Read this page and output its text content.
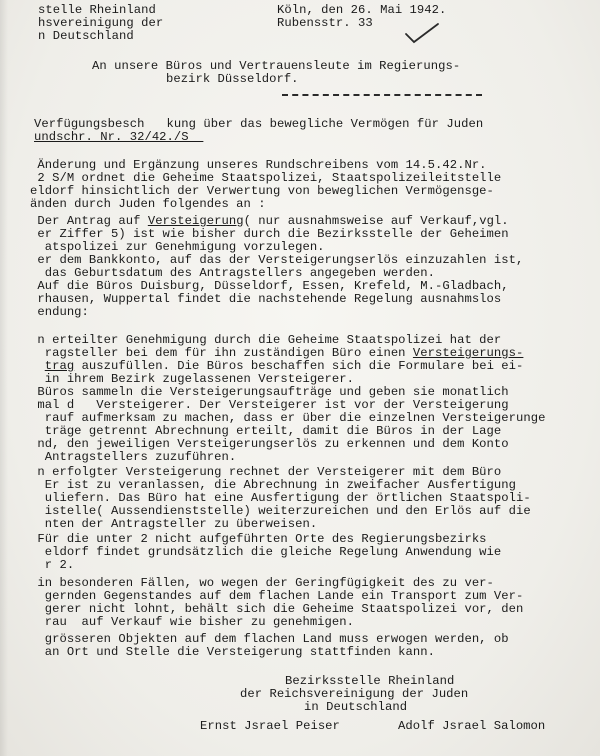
stelle Rheinland
hsvereinigung der
n Deutschland
Köln, den 26. Mai 1942.
Rubensstr. 33
An unsere Büros und Vertrauensleute im Regierungs-
bezirk Düsseldorf.
Verfügungsbesch   kung über das bewegliche Vermögen für Juden
undschr. Nr. 32/42./S
Änderung und Ergänzung unseres Rundschreibens vom 14.5.42.Nr.
2 S/M ordnet die Geheime Staatspolizei, Staatspolizeileitstelle
eldorf hinsichtlich der Verwertung von beweglichen Vermögensge-
änden durch Juden folgendes an :
Der Antrag auf Versteigerung( nur ausnahmsweise auf Verkauf,vgl.
er Ziffer 5) ist wie bisher durch die Bezirksstelle der Geheimen
atspolizei zur Genehmigung vorzulegen.
er dem Bankkonto, auf das der Versteigerungserlös einzuzahlen ist,
das Geburtsdatum des Antragstellers angegeben werden.
Auf die Büros Duisburg, Düsseldorf, Essen, Krefeld, M.-Gladbach,
rhausen, Wuppertal findet die nachstehende Regelung ausnahmslos
endung:
n erteilter Genehmigung durch die Geheime Staatspolizei hat der
ragsteller bei dem für ihn zuständigen Büro einen Versteigerungs-
trag auszufüllen. Die Büros beschaffen sich die Formulare bei ei-
in ihrem Bezirk zugelassenen Versteigerer.
Büros sammeln die Versteigerungsaufträge und geben sie monatlich
mal d   Versteigerer. Der Versteigerer ist vor der Versteigerung
rauf aufmerksam zu machen, dass er über die einzelnen Versteigerunge
träge getrennt Abrechnung erteilt, damit die Büros in der Lage
nd, den jeweiligen Versteigerungserlös zu erkennen und dem Konto
Antragstellers zuzuführen.
n erfolgter Versteigerung rechnet der Versteigerer mit dem Büro
Er ist zu veranlassen, die Abrechnung in zweifacher Ausfertigung
uliefern. Das Büro hat eine Ausfertigung der örtlichen Staatspoli-
istelle( Aussendienststelle) weiterzureichen und den Erlös auf die
nten der Antragsteller zu überweisen.
Für die unter 2 nicht aufgeführten Orte des Regierungsbezirks
eldorf findet grundsätzlich die gleiche Regelung Anwendung wie
r 2.
in besonderen Fällen, wo wegen der Geringfügigkeit des zu ver-
gernden Gegenstandes auf dem flachen Lande ein Transport zum Ver-
gerer nicht lohnt, behält sich die Geheime Staatspolizei vor, den
rau  auf Verkauf wie bisher zu genehmigen.
grösseren Objekten auf dem flachen Land muss erwogen werden, ob
an Ort und Stelle die Versteigerung stattfinden kann.
Bezirksstelle Rheinland
der Reichsvereinigung der Juden
in Deutschland
Ernst Jsrael Peiser	Adolf Jsrael Salomon
